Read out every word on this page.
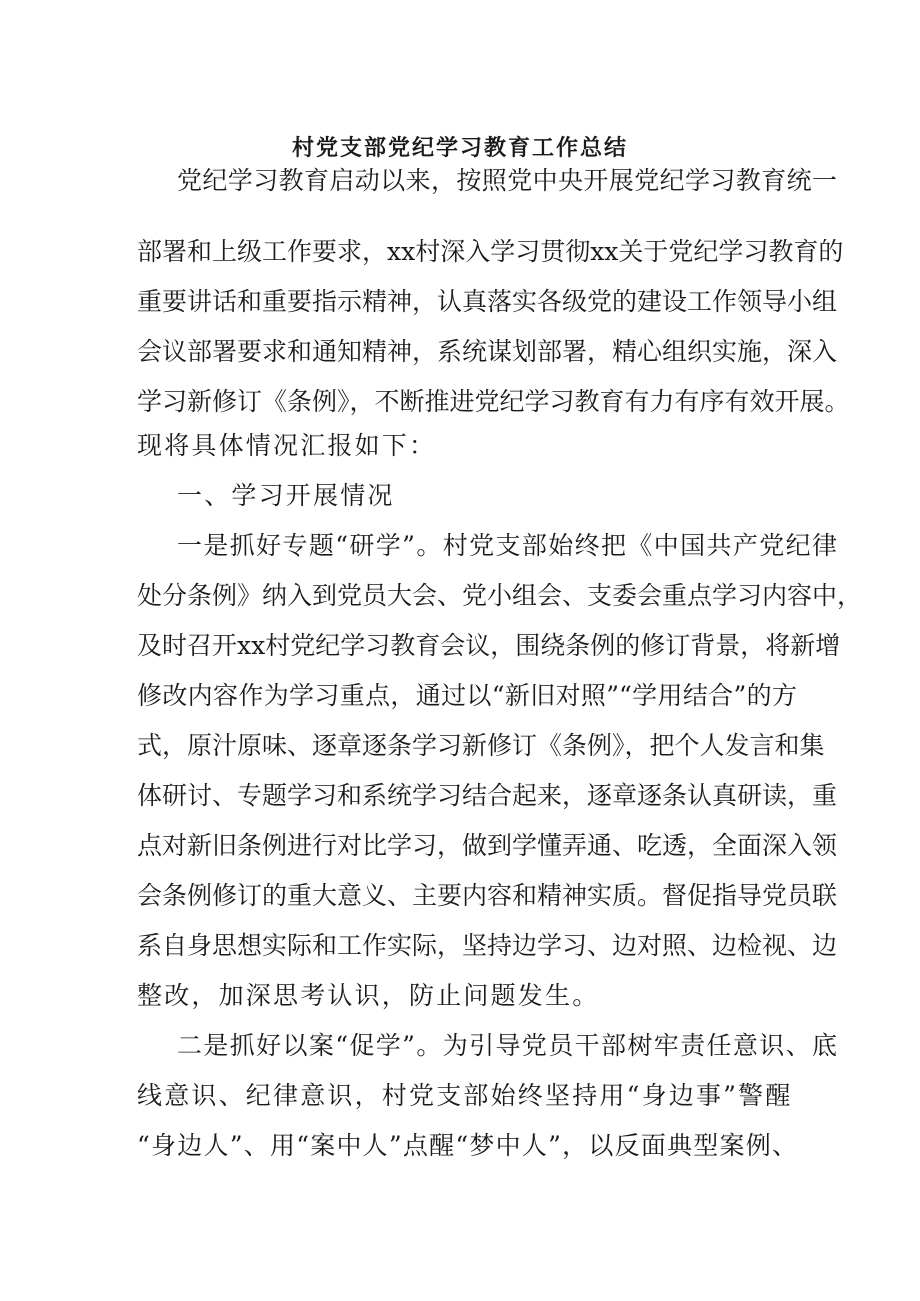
村党支部党纪学习教育工作总结

党纪学习教育启动以来，按照党中央开展党纪学习教育统一

部署和上级工作要求，xx村深入学习贯彻xx关于党纪学习教育的

重要讲话和重要指示精神，认真落实各级党的建设工作领导小组

会议部署要求和通知精神，系统谋划部署，精心组织实施，深入

学习新修订《条例》，不断推进党纪学习教育有力有序有效开展。

现将具体情况汇报如下：

一、学习开展情况

一是抓好专题“研学”。村党支部始终把《中国共产党纪律

处分条例》纳入到党员大会、党小组会、支委会重点学习内容中，

及时召开xx村党纪学习教育会议，围绕条例的修订背景，将新增

修改内容作为学习重点，通过以“新旧对照”“学用结合”的方

式，原汁原味、逐章逐条学习新修订《条例》，把个人发言和集

体研讨、专题学习和系统学习结合起来，逐章逐条认真研读，重

点对新旧条例进行对比学习，做到学懂弄通、吃透，全面深入领

会条例修订的重大意义、主要内容和精神实质。督促指导党员联

系自身思想实际和工作实际，坚持边学习、边对照、边检视、边

整改，加深思考认识，防止问题发生。

二是抓好以案“促学”。为引导党员干部树牢责任意识、底

线意识、纪律意识，村党支部始终坚持用“身边事”警醒

“身边人”、用“案中人”点醒“梦中人”，以反面典型案例、
